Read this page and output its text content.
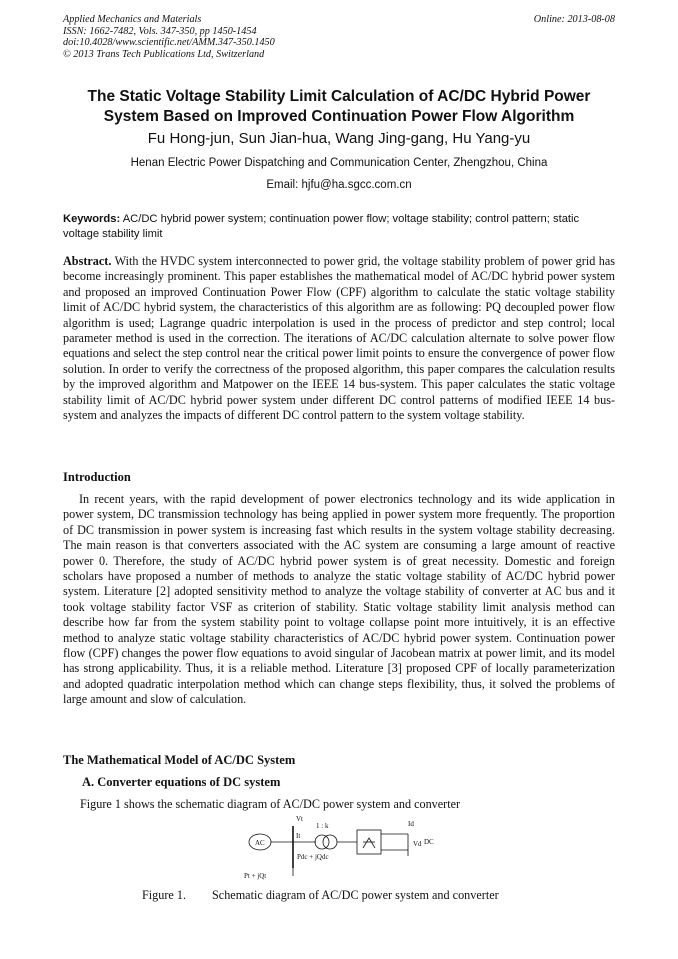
Applied Mechanics and Materials
ISSN: 1662-7482, Vols. 347-350, pp 1450-1454
doi:10.4028/www.scientific.net/AMM.347-350.1450
© 2013 Trans Tech Publications Ltd, Switzerland
Online: 2013-08-08
The Static Voltage Stability Limit Calculation of AC/DC Hybrid Power System Based on Improved Continuation Power Flow Algorithm
Fu Hong-jun, Sun Jian-hua, Wang Jing-gang, Hu Yang-yu
Henan Electric Power Dispatching and Communication Center, Zhengzhou, China
Email: hjfu@ha.sgcc.com.cn
Keywords: AC/DC hybrid power system; continuation power flow; voltage stability; control pattern; static voltage stability limit

Abstract. With the HVDC system interconnected to power grid, the voltage stability problem of power grid has become increasingly prominent. This paper establishes the mathematical model of AC/DC hybrid power system and proposed an improved Continuation Power Flow (CPF) algorithm to calculate the static voltage stability limit of AC/DC hybrid system, the characteristics of this algorithm are as following: PQ decoupled power flow algorithm is used; Lagrange quadric interpolation is used in the process of predictor and step control; local parameter method is used in the correction. The iterations of AC/DC calculation alternate to solve power flow equations and select the step control near the critical power limit points to ensure the convergence of power flow solution. In order to verify the correctness of the proposed algorithm, this paper compares the calculation results by the improved algorithm and Matpower on the IEEE 14 bus-system. This paper calculates the static voltage stability limit of AC/DC hybrid power system under different DC control patterns of modified IEEE 14 bus-system and analyzes the impacts of different DC control pattern to the system voltage stability.

Introduction

In recent years, with the rapid development of power electronics technology and its wide application in power system, DC transmission technology has being applied in power system more frequently. The proportion of DC transmission in power system is increasing fast which results in the system voltage stability decreasing. The main reason is that converters associated with the AC system are consuming a large amount of reactive power 0. Therefore, the study of AC/DC hybrid power system is of great necessity. Domestic and foreign scholars have proposed a number of methods to analyze the static voltage stability of AC/DC hybrid power system. Literature [2] adopted sensitivity method to analyze the voltage stability of converter at AC bus and it took voltage stability factor VSF as criterion of stability. Static voltage stability limit analysis method can describe how far from the system stability point to voltage collapse point more intuitively, it is an effective method to analyze static voltage stability characteristics of AC/DC hybrid power system. Continuation power flow (CPF) changes the power flow equations to avoid singular of Jacobean matrix at power limit, and its model has strong applicability. Thus, it is a reliable method. Literature [3] proposed CPF of locally parameterization and adopted quadratic interpolation method which can change steps flexibility, thus, it solved the problems of large amount and slow of calculation.

The Mathematical Model of AC/DC System
A. Converter equations of DC system

Figure 1 shows the schematic diagram of AC/DC power system and converter

AC
Vt
It
1 : k	Id
Vd DC
Pdc + jQdc
Pt + jQt
Figure 1. Schematic diagram of AC/DC power system and converter
